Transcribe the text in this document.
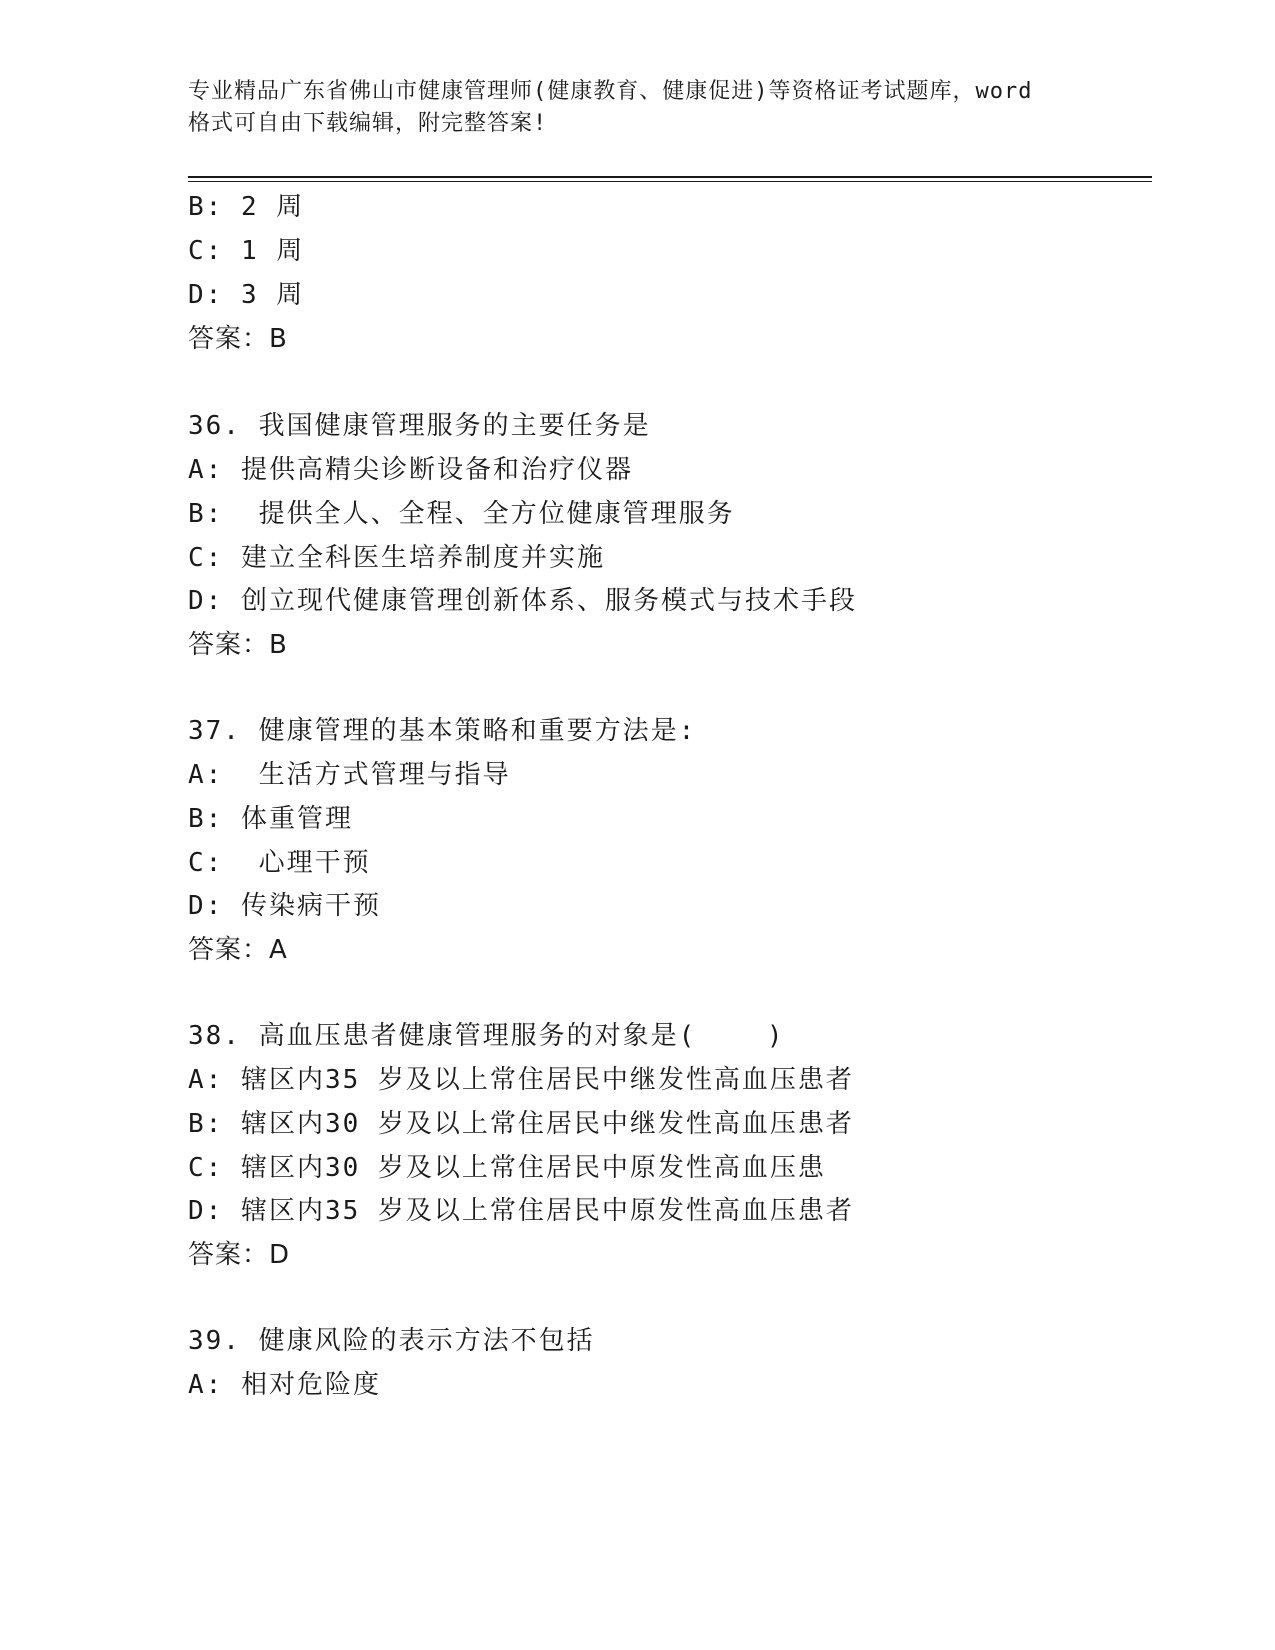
专业精品广东省佛山市健康管理师(健康教育、健康促进)等资格证考试题库，word
格式可自由下载编辑，附完整答案!
B: 2 周
C: 1 周
D: 3 周
答案：B
36. 我国健康管理服务的主要任务是
A: 提供高精尖诊断设备和治疗仪器
B:  提供全人、全程、全方位健康管理服务
C: 建立全科医生培养制度并实施
D: 创立现代健康管理创新体系、服务模式与技术手段
答案：B
37. 健康管理的基本策略和重要方法是:
A:  生活方式管理与指导
B: 体重管理
C:  心理干预
D: 传染病干预
答案：A
38. 高血压患者健康管理服务的对象是(    )
A: 辖区内35 岁及以上常住居民中继发性高血压患者
B: 辖区内30 岁及以上常住居民中继发性高血压患者
C: 辖区内30 岁及以上常住居民中原发性高血压患
D: 辖区内35 岁及以上常住居民中原发性高血压患者
答案：D
39. 健康风险的表示方法不包括
A: 相对危险度
